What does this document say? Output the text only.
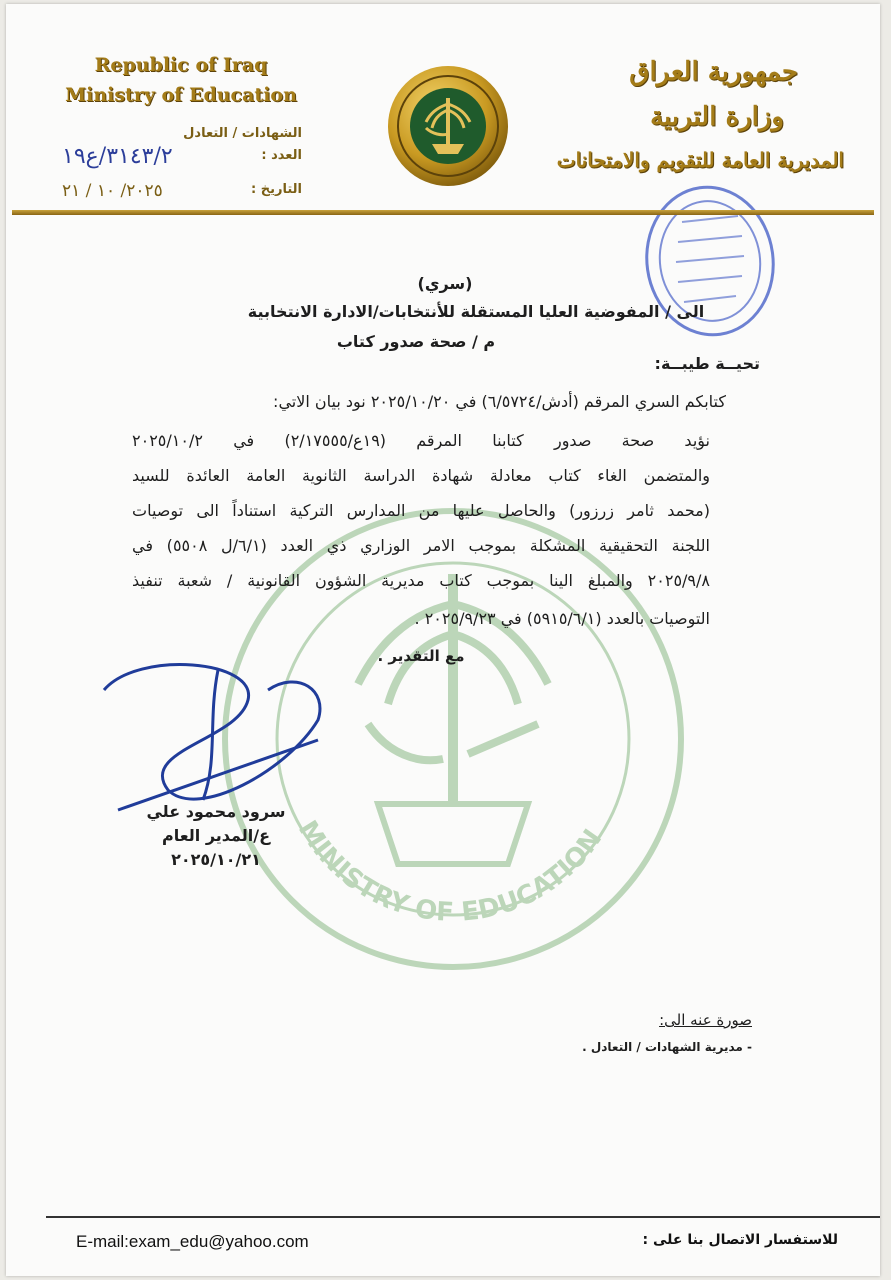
Republic of Iraq
Ministry of Education
الشهادات / التعادل
٣١٤٣/٢/ع١٩	العدد :
٢٠٢٥/ ١٠ / ٢١	التاريخ :
جمهورية العراق
وزارة التربية
المديرية العامة للتقويم والامتحانات
MINISTRY OF EDUCATION
(سري)
الى / المفوضية العليا المستقلة للأنتخابات/الادارة الانتخابية
م / صحة صدور كتاب
تحيــة طيبــة:
كتابكم السري المرقم (أدش/٦/٥٧٢٤) في ٢٠٢٥/١٠/٢٠ نود بيان الاتي:
نؤيد صحة صدور كتابنا المرقم (١٩ع/٢/١٧٥٥٥) في ٢٠٢٥/١٠/٢
والمتضمن الغاء كتاب معادلة شهادة الدراسة الثانوية العامة العائدة للسيد
(محمد ثامر زرزور) والحاصل عليها من المدارس التركية استناداً الى توصيات
اللجنة التحقيقية المشكلة بموجب الامر الوزاري ذي العدد (٦/١/ل ٥٥٠٨) في
٢٠٢٥/٩/٨ والمبلغ الينا بموجب كتاب مديرية الشؤون القانونية / شعبة تنفيذ
التوصيات بالعدد (٥٩١٥/٦/١) في ٢٠٢٥/٩/٢٣ .
مع التقدير .
سرود محمود علي
ع/المدير العام
٢٠٢٥/١٠/٢١
صورة عنه الى:
- مديرية الشهادات / التعادل .
E-mail:exam_edu@yahoo.com	للاستفسار الاتصال بنا على :
